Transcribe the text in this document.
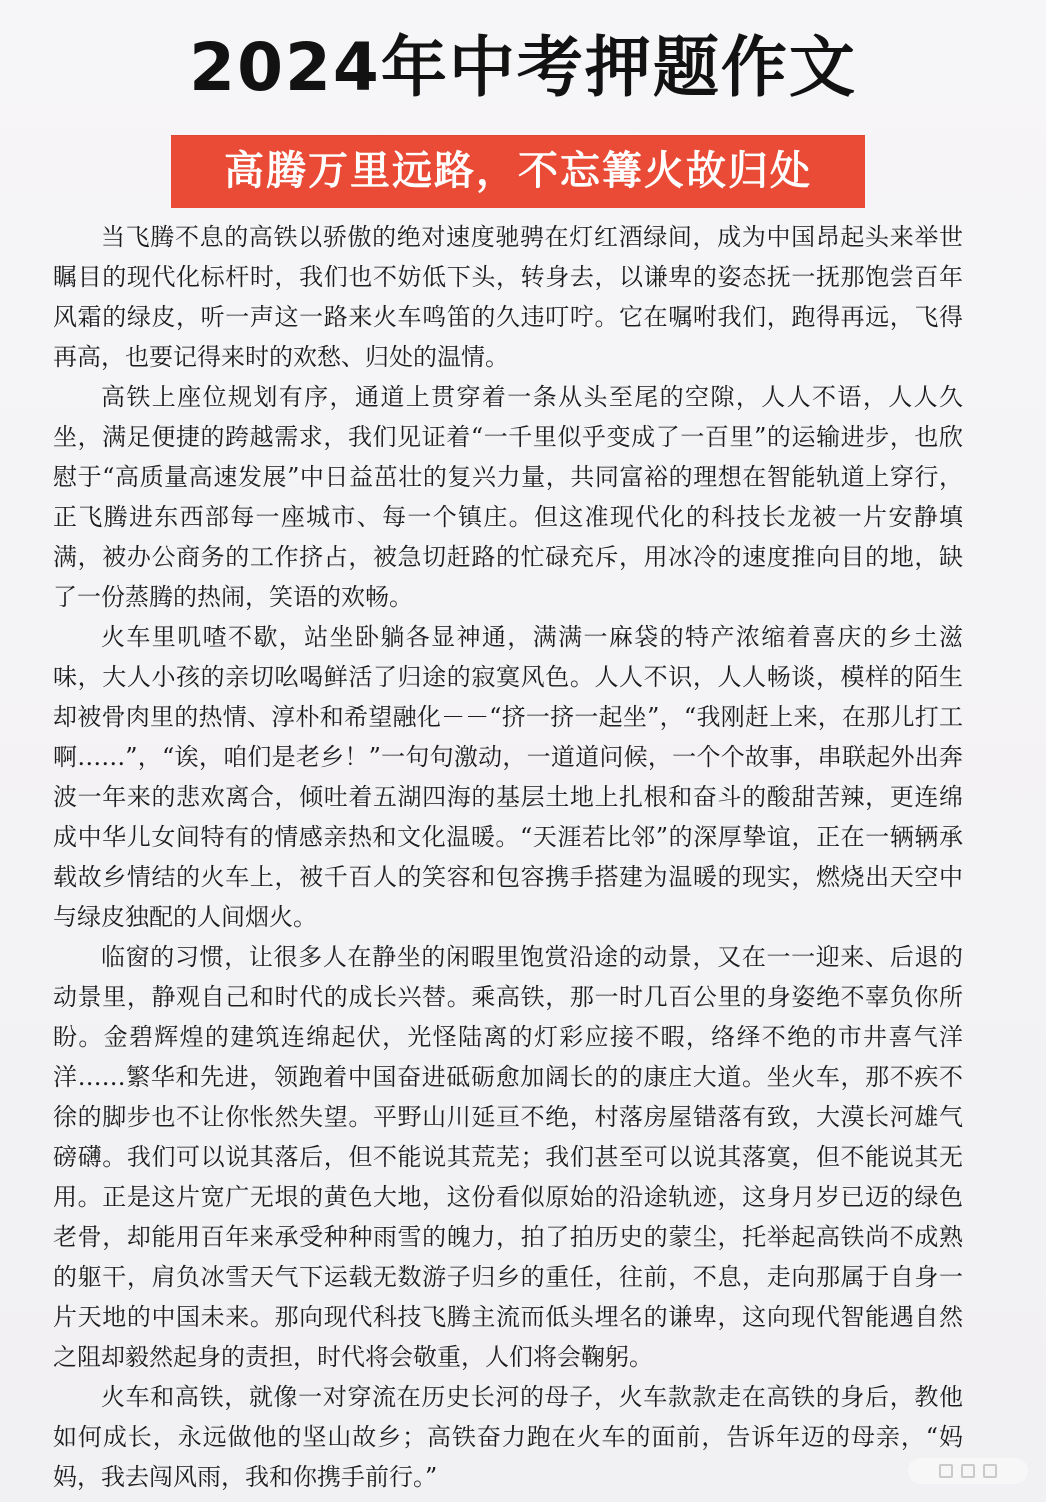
2024年中考押题作文
高腾万里远路，不忘篝火故归处

当飞腾不息的高铁以骄傲的绝对速度驰骋在灯红酒绿间，成为中国昂起头来举世瞩目的现代化标杆时，我们也不妨低下头，转身去，以谦卑的姿态抚一抚那饱尝百年风霜的绿皮，听一声这一路来火车鸣笛的久违叮咛。它在嘱咐我们，跑得再远，飞得再高，也要记得来时的欢愁、归处的温情。

高铁上座位规划有序，通道上贯穿着一条从头至尾的空隙，人人不语，人人久坐，满足便捷的跨越需求，我们见证着“一千里似乎变成了一百里”的运输进步，也欣慰于“高质量高速发展”中日益茁壮的复兴力量，共同富裕的理想在智能轨道上穿行，正飞腾进东西部每一座城市、每一个镇庄。但这准现代化的科技长龙被一片安静填满，被办公商务的工作挤占，被急切赶路的忙碌充斥，用冰冷的速度推向目的地，缺了一份蒸腾的热闹，笑语的欢畅。

火车里叽喳不歇，站坐卧躺各显神通，满满一麻袋的特产浓缩着喜庆的乡土滋味，大人小孩的亲切吆喝鲜活了归途的寂寞风色。人人不识，人人畅谈，模样的陌生却被骨肉里的热情、淳朴和希望融化－－“挤一挤一起坐”，“我刚赶上来，在那儿打工啊……”，“诶，咱们是老乡！”一句句激动，一道道问候，一个个故事，串联起外出奔波一年来的悲欢离合，倾吐着五湖四海的基层土地上扎根和奋斗的酸甜苦辣，更连绵成中华儿女间特有的情感亲热和文化温暖。“天涯若比邻”的深厚挚谊，正在一辆辆承载故乡情结的火车上，被千百人的笑容和包容携手搭建为温暖的现实，燃烧出天空中与绿皮独配的人间烟火。

临窗的习惯，让很多人在静坐的闲暇里饱赏沿途的动景，又在一一迎来、后退的动景里，静观自己和时代的成长兴替。乘高铁，那一时几百公里的身姿绝不辜负你所盼。金碧辉煌的建筑连绵起伏，光怪陆离的灯彩应接不暇，络绎不绝的市井喜气洋洋……繁华和先进，领跑着中国奋进砥砺愈加阔长的的康庄大道。坐火车，那不疾不徐的脚步也不让你怅然失望。平野山川延亘不绝，村落房屋错落有致，大漠长河雄气磅礴。我们可以说其落后，但不能说其荒芜；我们甚至可以说其落寞，但不能说其无用。正是这片宽广无垠的黄色大地，这份看似原始的沿途轨迹，这身月岁已迈的绿色老骨，却能用百年来承受种种雨雪的魄力，拍了拍历史的蒙尘，托举起高铁尚不成熟的躯干，肩负冰雪天气下运载无数游子归乡的重任，往前，不息，走向那属于自身一片天地的中国未来。那向现代科技飞腾主流而低头埋名的谦卑，这向现代智能遇自然之阻却毅然起身的责担，时代将会敬重，人们将会鞠躬。

火车和高铁，就像一对穿流在历史长河的母子，火车款款走在高铁的身后，教他如何成长，永远做他的坚山故乡；高铁奋力跑在火车的面前，告诉年迈的母亲，“妈妈，我去闯风雨，我和你携手前行。”
